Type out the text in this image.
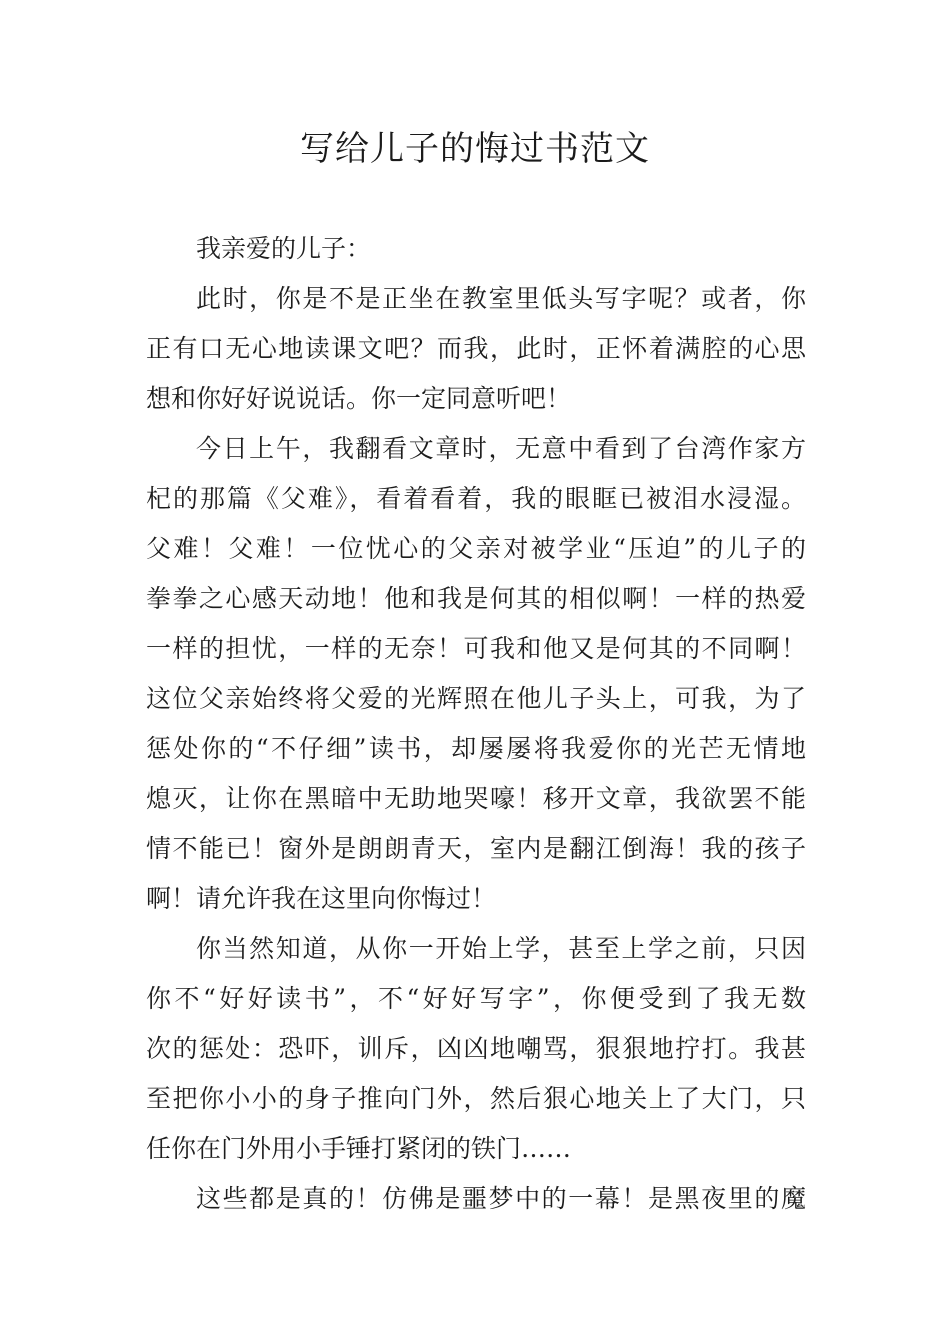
写给儿子的悔过书范文
我亲爱的儿子：
此时，你是不是正坐在教室里低头写字呢？或者，你
正有口无心地读课文吧？而我，此时，正怀着满腔的心思
想和你好好说说话。你一定同意听吧！
今日上午，我翻看文章时，无意中看到了台湾作家方
杞的那篇《父难》，看着看着，我的眼眶已被泪水浸湿。
父难！父难！一位忧心的父亲对被学业“压迫”的儿子的
拳拳之心感天动地！他和我是何其的相似啊！一样的热爱
一样的担忧，一样的无奈！可我和他又是何其的不同啊！
这位父亲始终将父爱的光辉照在他儿子头上，可我，为了
惩处你的“不仔细”读书，却屡屡将我爱你的光芒无情地
熄灭，让你在黑暗中无助地哭嚎！移开文章，我欲罢不能
情不能已！窗外是朗朗青天，室内是翻江倒海！我的孩子
啊！请允许我在这里向你悔过！
你当然知道，从你一开始上学，甚至上学之前，只因
你不“好好读书”，不“好好写字”，你便受到了我无数
次的惩处：恐吓，训斥，凶凶地嘲骂，狠狠地拧打。我甚
至把你小小的身子推向门外，然后狠心地关上了大门，只
任你在门外用小手锤打紧闭的铁门……
这些都是真的！仿佛是噩梦中的一幕！是黑夜里的魔
